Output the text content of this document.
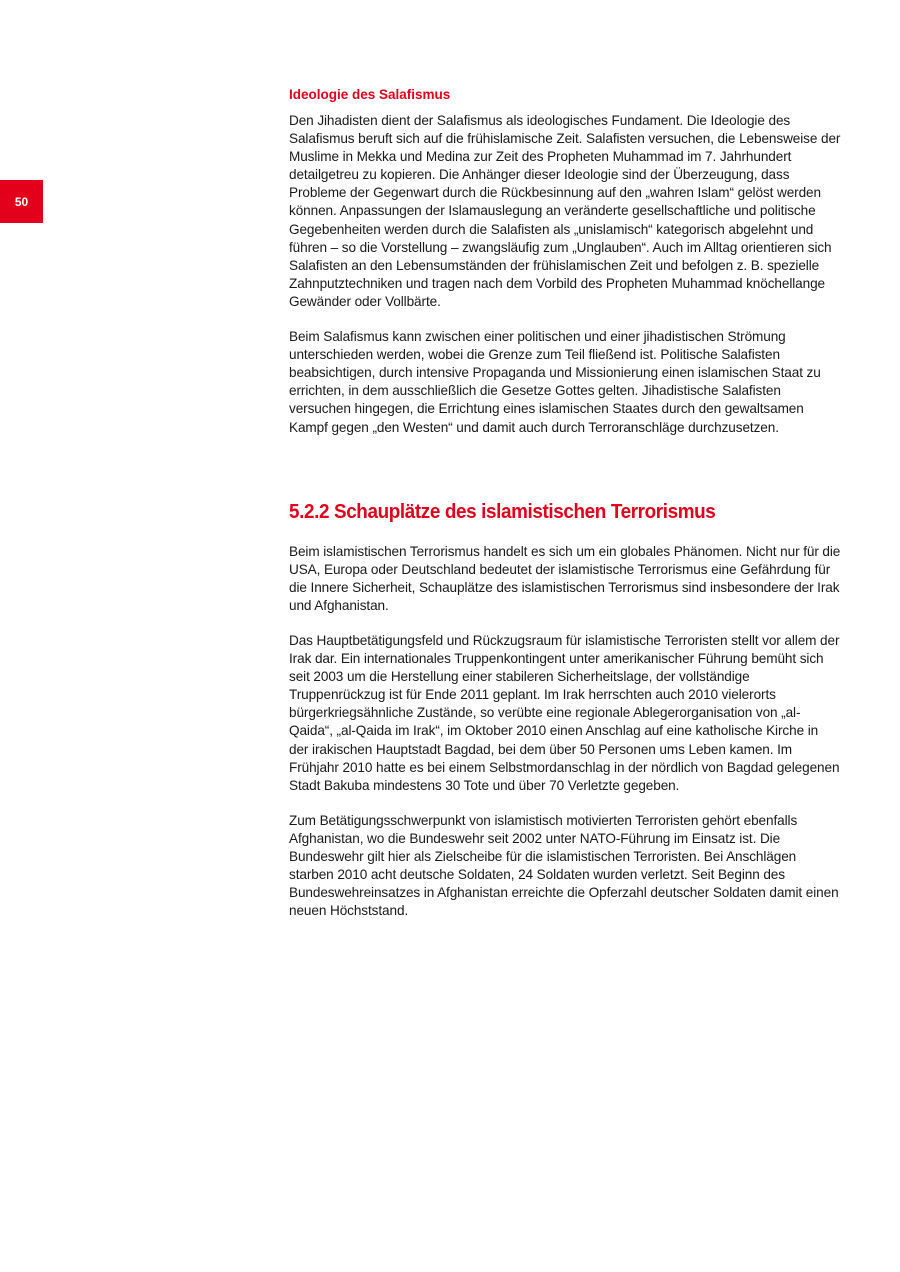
50
Ideologie des Salafismus

Den Jihadisten dient der Salafismus als ideologisches Fundament. Die Ideologie des Salafismus beruft sich auf die frühislamische Zeit. Salafisten versuchen, die Lebensweise der Muslime in Mekka und Medina zur Zeit des Propheten Muhammad im 7. Jahrhundert detailgetreu zu kopieren. Die Anhänger dieser Ideologie sind der Überzeugung, dass Probleme der Gegenwart durch die Rückbesinnung auf den „wahren Islam“ gelöst werden können. Anpassungen der Islamauslegung an veränderte gesellschaftliche und politische Gegebenheiten werden durch die Salafisten als „unislamisch“ kategorisch abgelehnt und führen – so die Vorstellung – zwangsläufig zum „Unglauben“. Auch im Alltag orientieren sich Salafisten an den Lebensumständen der frühislamischen Zeit und befolgen z. B. spezielle Zahnputztechniken und tragen nach dem Vorbild des Propheten Muhammad knöchellange Gewänder oder Vollbärte.

Beim Salafismus kann zwischen einer politischen und einer jihadistischen Strömung unterschieden werden, wobei die Grenze zum Teil fließend ist. Politische Salafisten beabsichtigen, durch intensive Propaganda und Missionierung einen islamischen Staat zu errichten, in dem ausschließlich die Gesetze Gottes gelten. Jihadistische Salafisten versuchen hingegen, die Errichtung eines islamischen Staates durch den gewaltsamen Kampf gegen „den Westen“ und damit auch durch Terroranschläge durchzusetzen.

5.2.2 Schauplätze des islamistischen Terrorismus

Beim islamistischen Terrorismus handelt es sich um ein globales Phänomen. Nicht nur für die USA, Europa oder Deutschland bedeutet der islamistische Terrorismus eine Gefährdung für die Innere Sicherheit, Schauplätze des islamistischen Terrorismus sind insbesondere der Irak und Afghanistan.

Das Hauptbetätigungsfeld und Rückzugsraum für islamistische Terroristen stellt vor allem der Irak dar. Ein internationales Truppenkontingent unter amerikanischer Führung bemüht sich seit 2003 um die Herstellung einer stabileren Sicherheitslage, der vollständige Truppenrückzug ist für Ende 2011 geplant. Im Irak herrschten auch 2010 vielerorts bürgerkriegsähnliche Zustände, so verübte eine regionale Ablegerorganisation von „al-Qaida“, „al-Qaida im Irak“, im Oktober 2010 einen Anschlag auf eine katholische Kirche in der irakischen Hauptstadt Bagdad, bei dem über 50 Personen ums Leben kamen. Im Frühjahr 2010 hatte es bei einem Selbstmordanschlag in der nördlich von Bagdad gelegenen Stadt Bakuba mindestens 30 Tote und über 70 Verletzte gegeben.

Zum Betätigungsschwerpunkt von islamistisch motivierten Terroristen gehört ebenfalls Afghanistan, wo die Bundeswehr seit 2002 unter NATO-Führung im Einsatz ist. Die Bundeswehr gilt hier als Zielscheibe für die islamistischen Terroristen. Bei Anschlägen starben 2010 acht deutsche Soldaten, 24 Soldaten wurden verletzt. Seit Beginn des Bundeswehreinsatzes in Afghanistan erreichte die Opferzahl deutscher Soldaten damit einen neuen Höchststand.
